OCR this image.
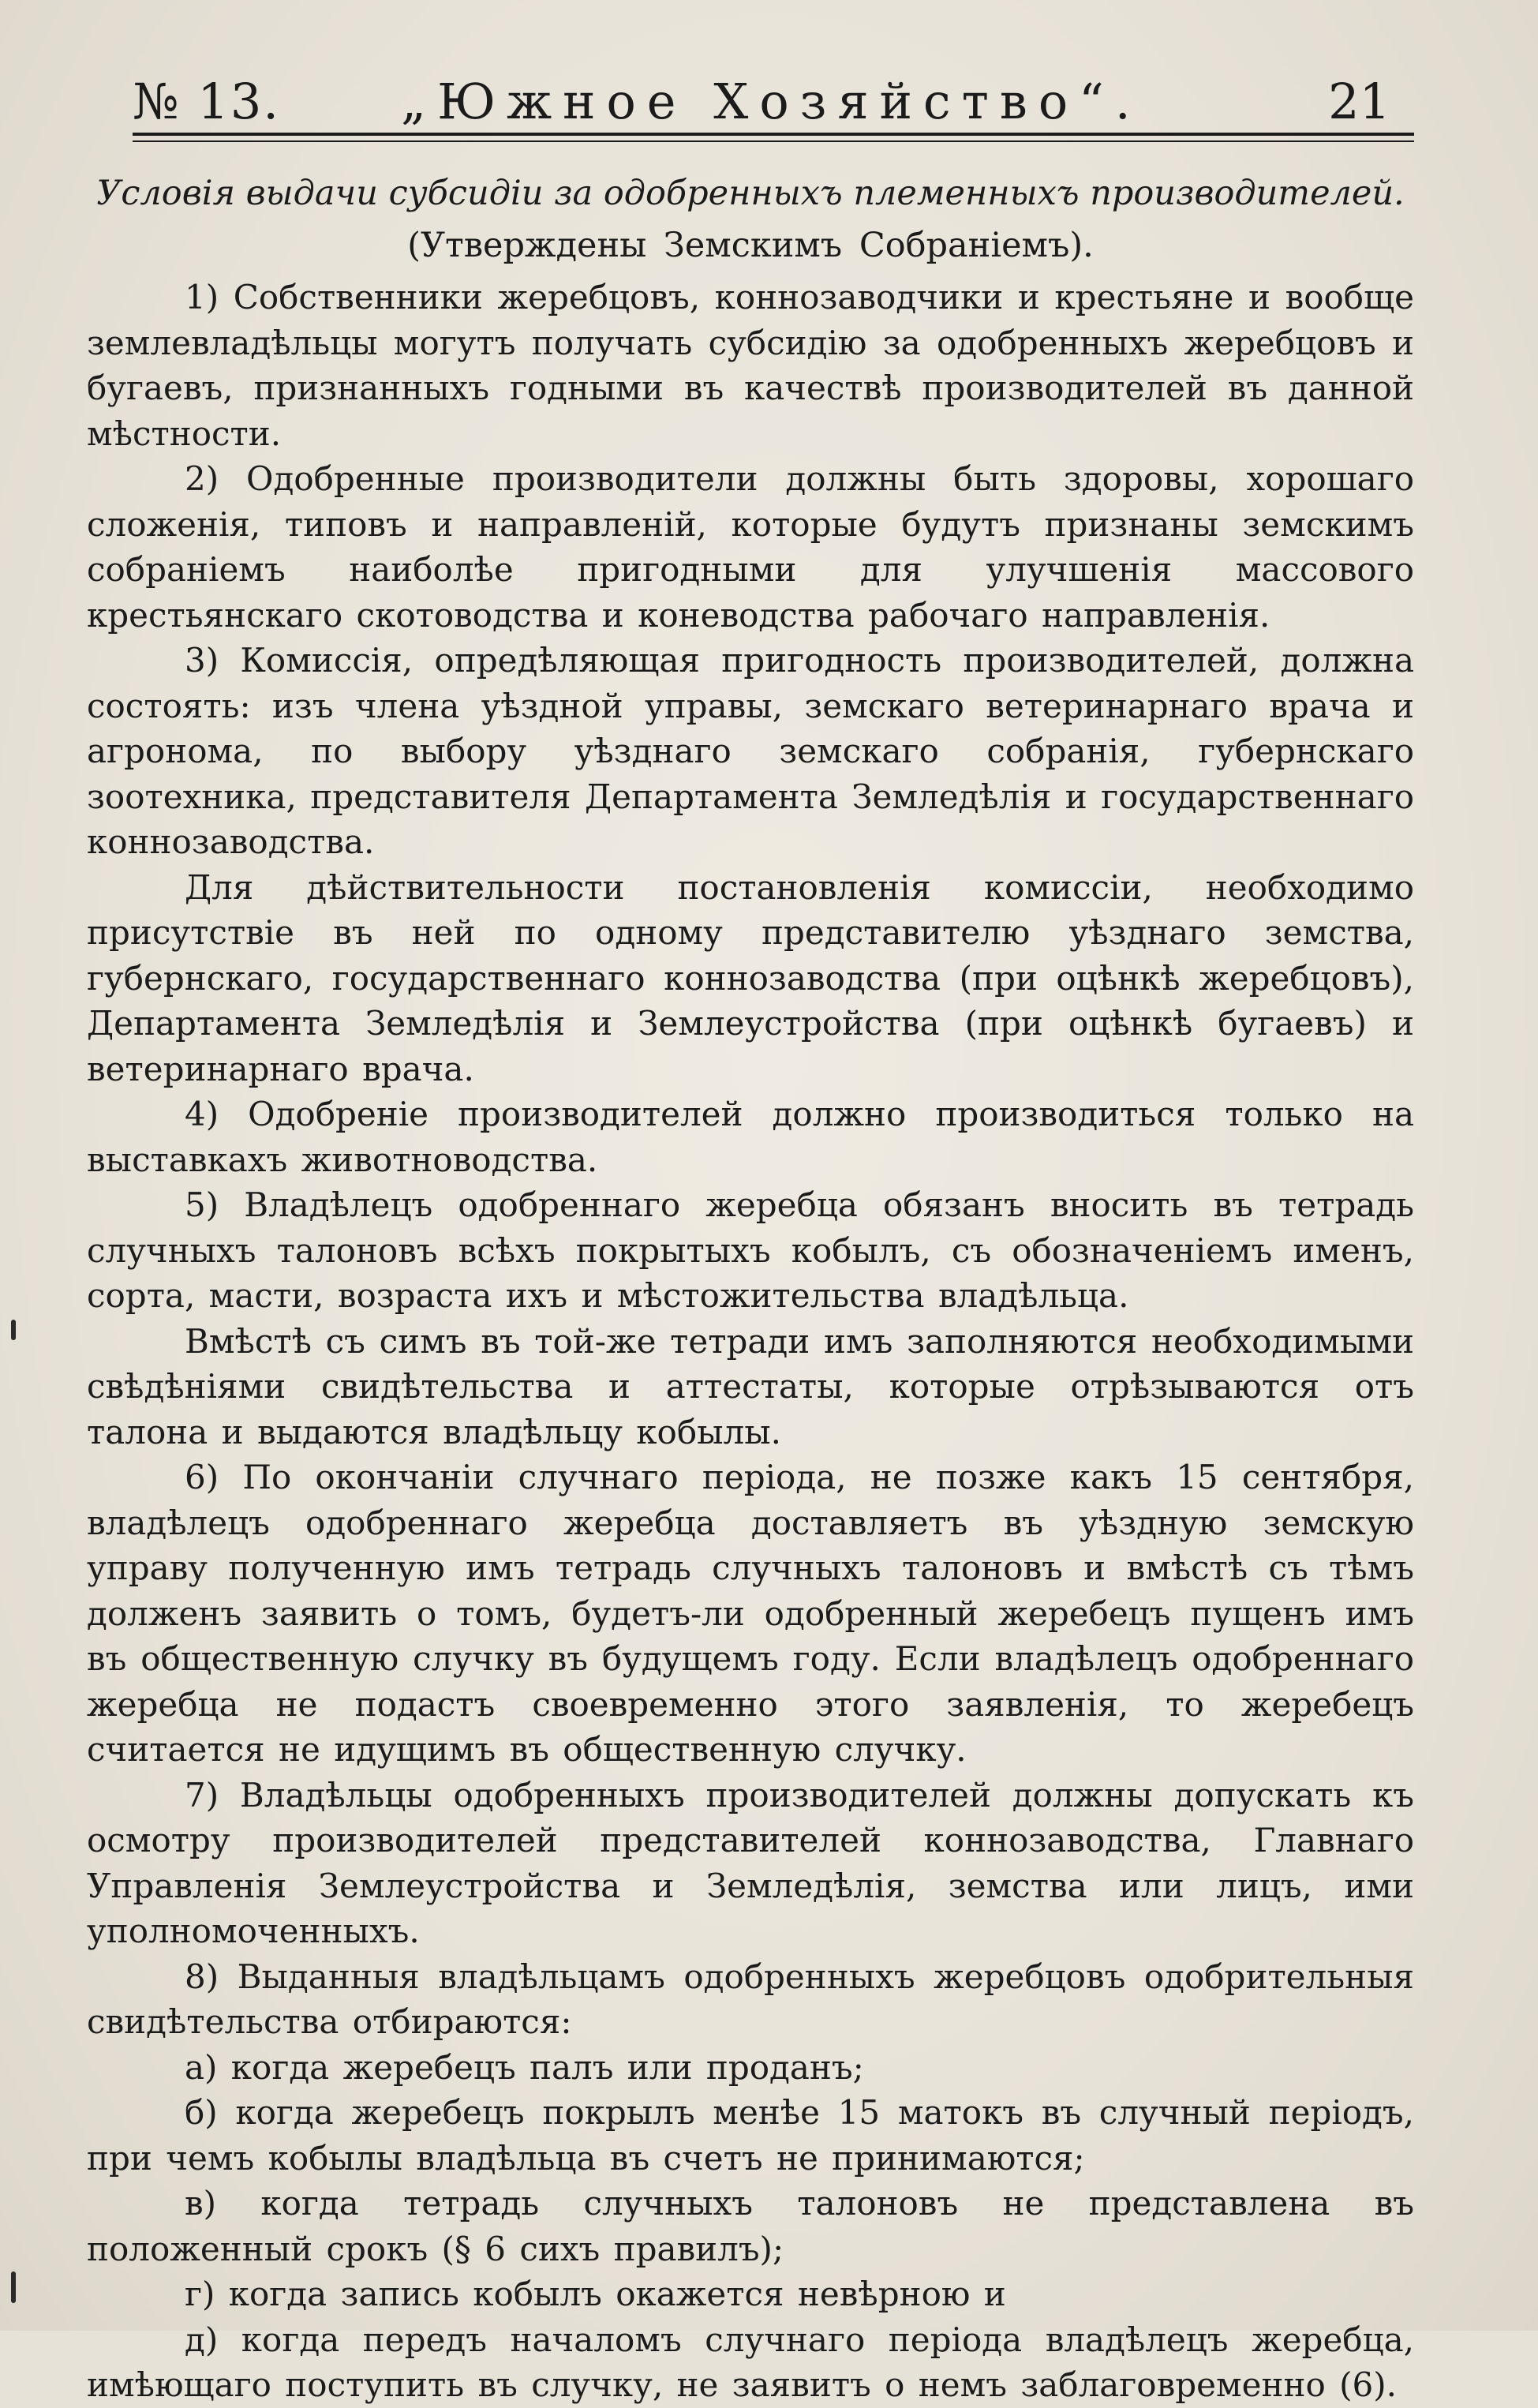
№ 13. „Южное Хозяйство“.	21
Условія выдачи субсидіи за одобренныхъ племенныхъ производителей.
(Утверждены Земскимъ Собраніемъ).

1) Собственники жеребцовъ, коннозаводчики и крестьяне и вообще землевладѣльцы могутъ получать субсидію за одобренныхъ жеребцовъ и бугаевъ, признанныхъ годными въ качествѣ производителей въ данной мѣстности.

2) Одобренные производители должны быть здоровы, хорошаго сложенія, типовъ и направленій, которые будутъ признаны земскимъ собраніемъ наиболѣе пригодными для улучшенія массового крестьянскаго скотоводства и коневодства рабочаго направленія.

3) Комиссія, опредѣляющая пригодность производителей, должна состоять: изъ члена уѣздной управы, земскаго ветеринарнаго врача и агронома, по выбору уѣзднаго земскаго собранія, губернскаго зоотехника, представителя Департамента Земледѣлія и государственнаго коннозаводства.

Для дѣйствительности постановленія комиссіи, необходимо присутствіе въ ней по одному представителю уѣзднаго земства, губернскаго, государственнаго коннозаводства (при оцѣнкѣ жеребцовъ), Департамента Земледѣлія и Землеустройства (при оцѣнкѣ бугаевъ) и ветеринарнаго врача.

4) Одобреніе производителей должно производиться только на выставкахъ животноводства.

5) Владѣлецъ одобреннаго жеребца обязанъ вносить въ тетрадь случныхъ талоновъ всѣхъ покрытыхъ кобылъ, съ обозначеніемъ именъ, сорта, масти, возраста ихъ и мѣстожительства владѣльца.

Вмѣстѣ съ симъ въ той-же тетради имъ заполняются необходимыми свѣдѣніями свидѣтельства и аттестаты, которые отрѣзываются отъ талона и выдаются владѣльцу кобылы.

6) По окончаніи случнаго періода, не позже какъ 15 сентября, владѣлецъ одобреннаго жеребца доставляетъ въ уѣздную земскую управу полученную имъ тетрадь случныхъ талоновъ и вмѣстѣ съ тѣмъ долженъ заявить о томъ, будетъ-ли одобренный жеребецъ пущенъ имъ въ общественную случку въ будущемъ году. Если владѣлецъ одобреннаго жеребца не подастъ своевременно этого заявленія, то жеребецъ считается не идущимъ въ общественную случку.

7) Владѣльцы одобренныхъ производителей должны допускать къ осмотру производителей представителей коннозаводства, Главнаго Управленія Землеустройства и Земледѣлія, земства или лицъ, ими уполномоченныхъ.

8) Выданныя владѣльцамъ одобренныхъ жеребцовъ одобрительныя свидѣтельства отбираются:

а) когда жеребецъ палъ или проданъ;
б) когда жеребецъ покрылъ менѣе 15 матокъ въ случный періодъ, при чемъ кобылы владѣльца въ счетъ не принимаются;
в) когда тетрадь случныхъ талоновъ не представлена въ положенный срокъ (§ 6 сихъ правилъ);
г) когда запись кобылъ окажется невѣрною и
д) когда передъ началомъ случнаго періода владѣлецъ жеребца, имѣющаго поступить въ случку, не заявитъ о немъ заблаговременно (6).
